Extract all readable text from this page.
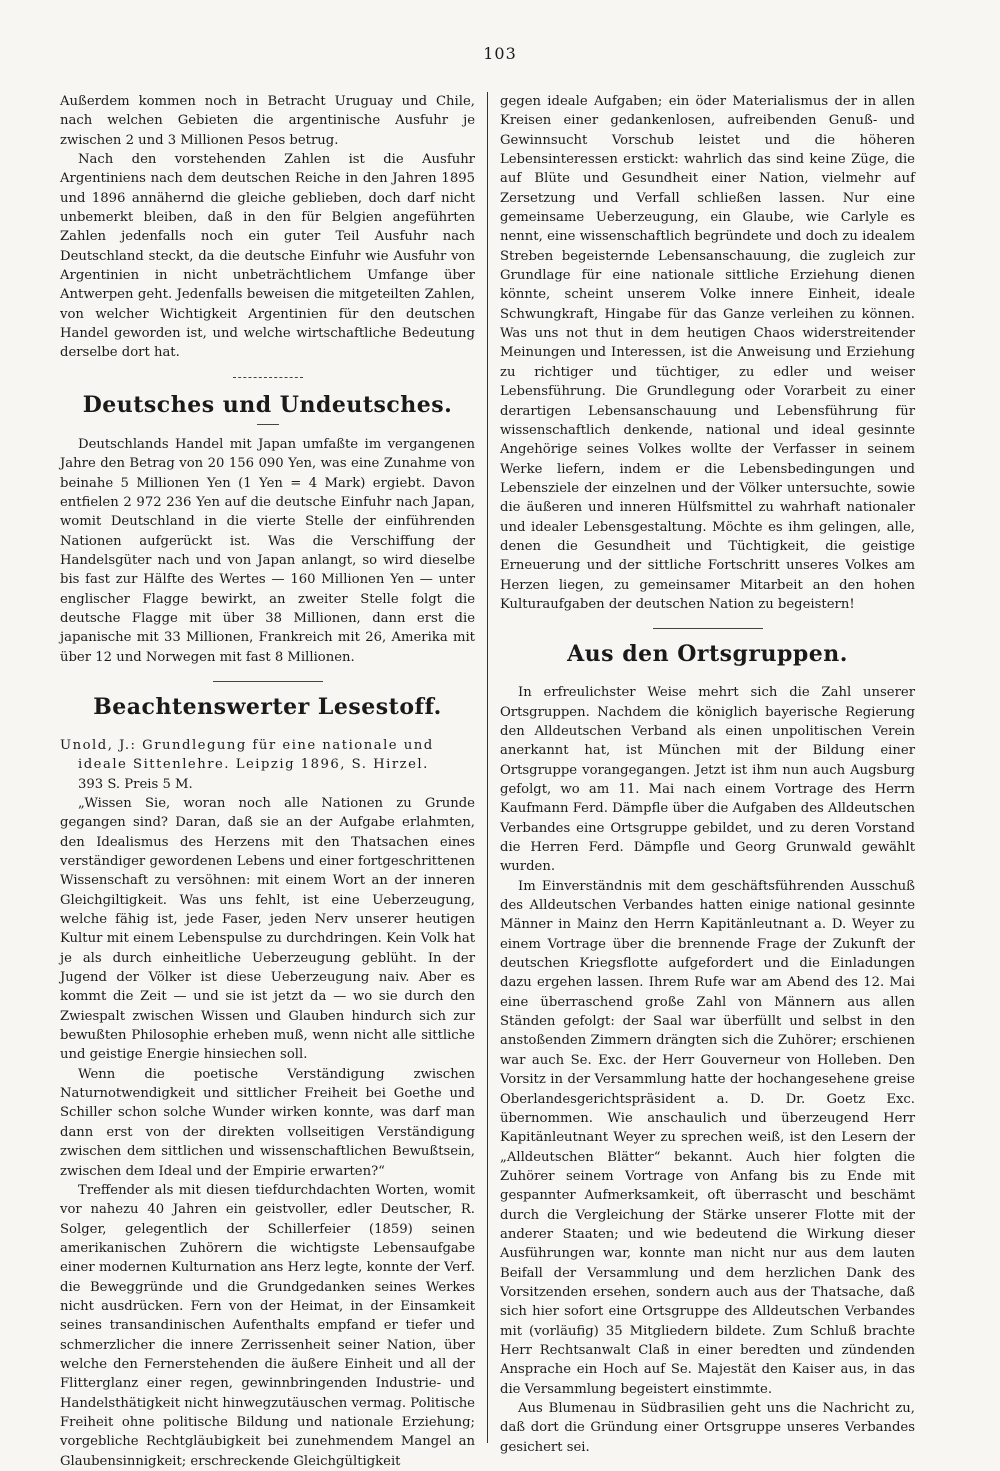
103

Außerdem kommen noch in Betracht Uruguay und Chile, nach welchen Gebieten die argentinische Ausfuhr je zwischen 2 und 3 Millionen Pesos betrug.

Nach den vorstehenden Zahlen ist die Ausfuhr Argentiniens nach dem deutschen Reiche in den Jahren 1895 und 1896 annähernd die gleiche geblieben, doch darf nicht unbemerkt bleiben, daß in den für Belgien angeführten Zahlen jedenfalls noch ein guter Teil Ausfuhr nach Deutschland steckt, da die deutsche Einfuhr wie Ausfuhr von Argentinien in nicht unbeträchtlichem Umfange über Antwerpen geht. Jedenfalls beweisen die mitgeteilten Zahlen, von welcher Wichtigkeit Argentinien für den deutschen Handel geworden ist, und welche wirtschaftliche Bedeutung derselbe dort hat.

Deutsches und Undeutsches.

Deutschlands Handel mit Japan umfaßte im vergangenen Jahre den Betrag von 20 156 090 Yen, was eine Zunahme von beinahe 5 Millionen Yen (1 Yen = 4 Mark) ergiebt. Davon entfielen 2 972 236 Yen auf die deutsche Einfuhr nach Japan, womit Deutschland in die vierte Stelle der einführenden Nationen aufgerückt ist. Was die Verschiffung der Handelsgüter nach und von Japan anlangt, so wird dieselbe bis fast zur Hälfte des Wertes — 160 Millionen Yen — unter englischer Flagge bewirkt, an zweiter Stelle folgt die deutsche Flagge mit über 38 Millionen, dann erst die japanische mit 33 Millionen, Frankreich mit 26, Amerika mit über 12 und Norwegen mit fast 8 Millionen.

Beachtenswerter Lesestoff.
Unold, J.: Grundlegung für eine nationale und
ideale Sittenlehre. Leipzig 1896, S. Hirzel.
393 S. Preis 5 M.

„Wissen Sie, woran noch alle Nationen zu Grunde gegangen sind? Daran, daß sie an der Aufgabe erlahmten, den Idealismus des Herzens mit den Thatsachen eines verständiger gewordenen Lebens und einer fortgeschrittenen Wissenschaft zu versöhnen: mit einem Wort an der inneren Gleichgiltigkeit. Was uns fehlt, ist eine Ueberzeugung, welche fähig ist, jede Faser, jeden Nerv unserer heutigen Kultur mit einem Lebenspulse zu durchdringen. Kein Volk hat je als durch einheitliche Ueberzeugung geblüht. In der Jugend der Völker ist diese Ueberzeugung naiv. Aber es kommt die Zeit — und sie ist jetzt da — wo sie durch den Zwiespalt zwischen Wissen und Glauben hindurch sich zur bewußten Philosophie erheben muß, wenn nicht alle sittliche und geistige Energie hinsiechen soll.

Wenn die poetische Verständigung zwischen Naturnotwendigkeit und sittlicher Freiheit bei Goethe und Schiller schon solche Wunder wirken konnte, was darf man dann erst von der direkten vollseitigen Verständigung zwischen dem sittlichen und wissenschaftlichen Bewußtsein, zwischen dem Ideal und der Empirie erwarten?“

Treffender als mit diesen tiefdurchdachten Worten, womit vor nahezu 40 Jahren ein geistvoller, edler Deutscher, R. Solger, gelegentlich der Schillerfeier (1859) seinen amerikanischen Zuhörern die wichtigste Lebensaufgabe einer modernen Kulturnation ans Herz legte, konnte der Verf. die Beweggründe und die Grundgedanken seines Werkes nicht ausdrücken. Fern von der Heimat, in der Einsamkeit seines transandinischen Aufenthalts empfand er tiefer und schmerzlicher die innere Zerrissenheit seiner Nation, über welche den Fernerstehenden die äußere Einheit und all der Flitterglanz einer regen, gewinnbringenden Industrie- und Handelsthätigkeit nicht hinwegzutäuschen vermag. Politische Freiheit ohne politische Bildung und nationale Erziehung; vorgebliche Rechtgläubigkeit bei zunehmendem Mangel an Glaubensinnigkeit; erschreckende Gleichgültigkeit

gegen ideale Aufgaben; ein öder Materialismus der in allen Kreisen einer gedankenlosen, aufreibenden Genuß- und Gewinnsucht Vorschub leistet und die höheren Lebensinteressen erstickt: wahrlich das sind keine Züge, die auf Blüte und Gesundheit einer Nation, vielmehr auf Zersetzung und Verfall schließen lassen. Nur eine gemeinsame Ueberzeugung, ein Glaube, wie Carlyle es nennt, eine wissenschaftlich begründete und doch zu idealem Streben begeisternde Lebensanschauung, die zugleich zur Grundlage für eine nationale sittliche Erziehung dienen könnte, scheint unserem Volke innere Einheit, ideale Schwungkraft, Hingabe für das Ganze verleihen zu können. Was uns not thut in dem heutigen Chaos widerstreitender Meinungen und Interessen, ist die Anweisung und Erziehung zu richtiger und tüchtiger, zu edler und weiser Lebensführung. Die Grundlegung oder Vorarbeit zu einer derartigen Lebensanschauung und Lebensführung für wissenschaftlich denkende, national und ideal gesinnte Angehörige seines Volkes wollte der Verfasser in seinem Werke liefern, indem er die Lebensbedingungen und Lebensziele der einzelnen und der Völker untersuchte, sowie die äußeren und inneren Hülfsmittel zu wahrhaft nationaler und idealer Lebensgestaltung. Möchte es ihm gelingen, alle, denen die Gesundheit und Tüchtigkeit, die geistige Erneuerung und der sittliche Fortschritt unseres Volkes am Herzen liegen, zu gemeinsamer Mitarbeit an den hohen Kulturaufgaben der deutschen Nation zu begeistern!

Aus den Ortsgruppen.

In erfreulichster Weise mehrt sich die Zahl unserer Ortsgruppen. Nachdem die königlich bayerische Regierung den Alldeutschen Verband als einen unpolitischen Verein anerkannt hat, ist München mit der Bildung einer Ortsgruppe vorangegangen. Jetzt ist ihm nun auch Augsburg gefolgt, wo am 11. Mai nach einem Vortrage des Herrn Kaufmann Ferd. Dämpfle über die Aufgaben des Alldeutschen Verbandes eine Ortsgruppe gebildet, und zu deren Vorstand die Herren Ferd. Dämpfle und Georg Grunwald gewählt wurden.

Im Einverständnis mit dem geschäftsführenden Ausschuß des Alldeutschen Verbandes hatten einige national gesinnte Männer in Mainz den Herrn Kapitänleutnant a. D. Weyer zu einem Vortrage über die brennende Frage der Zukunft der deutschen Kriegsflotte aufgefordert und die Einladungen dazu ergehen lassen. Ihrem Rufe war am Abend des 12. Mai eine überraschend große Zahl von Männern aus allen Ständen gefolgt: der Saal war überfüllt und selbst in den anstoßenden Zimmern drängten sich die Zuhörer; erschienen war auch Se. Exc. der Herr Gouverneur von Holleben. Den Vorsitz in der Versammlung hatte der hochangesehene greise Oberlandesgerichtspräsident a. D. Dr. Goetz Exc. übernommen. Wie anschaulich und überzeugend Herr Kapitänleutnant Weyer zu sprechen weiß, ist den Lesern der „Alldeutschen Blätter“ bekannt. Auch hier folgten die Zuhörer seinem Vortrage von Anfang bis zu Ende mit gespannter Aufmerksamkeit, oft überrascht und beschämt durch die Vergleichung der Stärke unserer Flotte mit der anderer Staaten; und wie bedeutend die Wirkung dieser Ausführungen war, konnte man nicht nur aus dem lauten Beifall der Versammlung und dem herzlichen Dank des Vorsitzenden ersehen, sondern auch aus der Thatsache, daß sich hier sofort eine Ortsgruppe des Alldeutschen Verbandes mit (vorläufig) 35 Mitgliedern bildete. Zum Schluß brachte Herr Rechtsanwalt Claß in einer beredten und zündenden Ansprache ein Hoch auf Se. Majestät den Kaiser aus, in das die Versammlung begeistert einstimmte.

Aus Blumenau in Südbrasilien geht uns die Nachricht zu, daß dort die Gründung einer Ortsgruppe unseres Verbandes gesichert sei.
